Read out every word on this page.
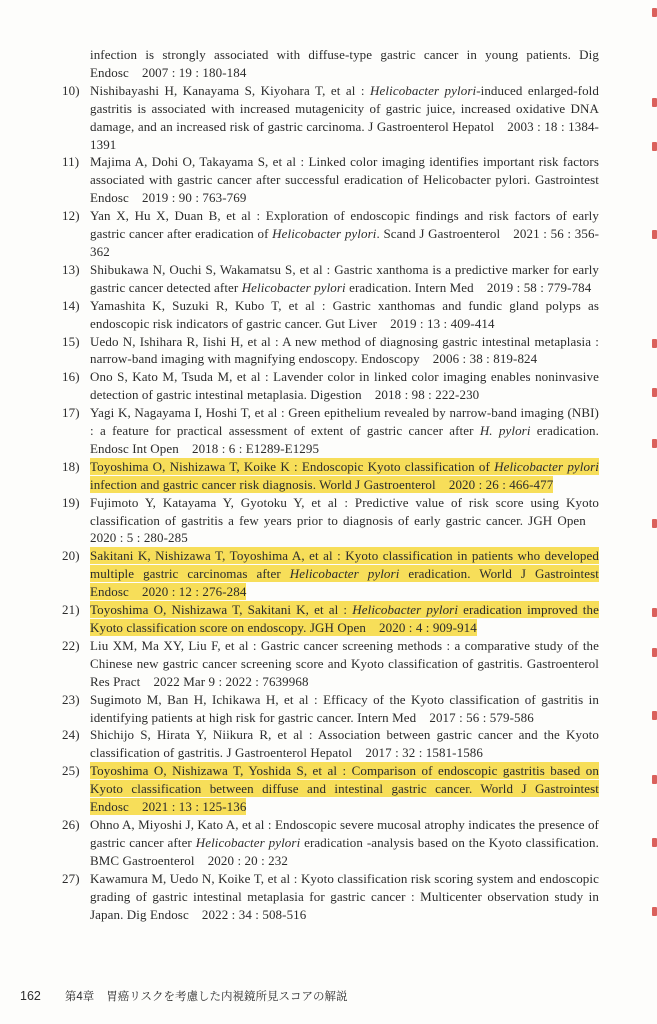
infection is strongly associated with diffuse-type gastric cancer in young patients. Dig Endosc 2007 : 19 : 180-184
10) Nishibayashi H, Kanayama S, Kiyohara T, et al : Helicobacter pylori-induced enlarged-fold gastritis is associated with increased mutagenicity of gastric juice, increased oxidative DNA damage, and an increased risk of gastric carcinoma. J Gastroenterol Hepatol 2003 : 18 : 1384-1391
11) Majima A, Dohi O, Takayama S, et al : Linked color imaging identifies important risk factors associated with gastric cancer after successful eradication of Helicobacter pylori. Gastrointest Endosc 2019 : 90 : 763-769
12) Yan X, Hu X, Duan B, et al : Exploration of endoscopic findings and risk factors of early gastric cancer after eradication of Helicobacter pylori. Scand J Gastroenterol 2021 : 56 : 356-362
13) Shibukawa N, Ouchi S, Wakamatsu S, et al : Gastric xanthoma is a predictive marker for early gastric cancer detected after Helicobacter pylori eradication. Intern Med 2019 : 58 : 779-784
14) Yamashita K, Suzuki R, Kubo T, et al : Gastric xanthomas and fundic gland polyps as endoscopic risk indicators of gastric cancer. Gut Liver 2019 : 13 : 409-414
15) Uedo N, Ishihara R, Iishi H, et al : A new method of diagnosing gastric intestinal metaplasia : narrow-band imaging with magnifying endoscopy. Endoscopy 2006 : 38 : 819-824
16) Ono S, Kato M, Tsuda M, et al : Lavender color in linked color imaging enables noninvasive detection of gastric intestinal metaplasia. Digestion 2018 : 98 : 222-230
17) Yagi K, Nagayama I, Hoshi T, et al : Green epithelium revealed by narrow-band imaging (NBI) : a feature for practical assessment of extent of gastric cancer after H. pylori eradication. Endosc Int Open 2018 : 6 : E1289-E1295
18) Toyoshima O, Nishizawa T, Koike K : Endoscopic Kyoto classification of Helicobacter pylori infection and gastric cancer risk diagnosis. World J Gastroenterol 2020 : 26 : 466-477
19) Fujimoto Y, Katayama Y, Gyotoku Y, et al : Predictive value of risk score using Kyoto classification of gastritis a few years prior to diagnosis of early gastric cancer. JGH Open 2020 : 5 : 280-285
20) Sakitani K, Nishizawa T, Toyoshima A, et al : Kyoto classification in patients who developed multiple gastric carcinomas after Helicobacter pylori eradication. World J Gastrointest Endosc 2020 : 12 : 276-284
21) Toyoshima O, Nishizawa T, Sakitani K, et al : Helicobacter pylori eradication improved the Kyoto classification score on endoscopy. JGH Open 2020 : 4 : 909-914
22) Liu XM, Ma XY, Liu F, et al : Gastric cancer screening methods : a comparative study of the Chinese new gastric cancer screening score and Kyoto classification of gastritis. Gastroenterol Res Pract 2022 Mar 9 : 2022 : 7639968
23) Sugimoto M, Ban H, Ichikawa H, et al : Efficacy of the Kyoto classification of gastritis in identifying patients at high risk for gastric cancer. Intern Med 2017 : 56 : 579-586
24) Shichijo S, Hirata Y, Niikura R, et al : Association between gastric cancer and the Kyoto classification of gastritis. J Gastroenterol Hepatol 2017 : 32 : 1581-1586
25) Toyoshima O, Nishizawa T, Yoshida S, et al : Comparison of endoscopic gastritis based on Kyoto classification between diffuse and intestinal gastric cancer. World J Gastrointest Endosc 2021 : 13 : 125-136
26) Ohno A, Miyoshi J, Kato A, et al : Endoscopic severe mucosal atrophy indicates the presence of gastric cancer after Helicobacter pylori eradication -analysis based on the Kyoto classification. BMC Gastroenterol 2020 : 20 : 232
27) Kawamura M, Uedo N, Koike T, et al : Kyoto classification risk scoring system and endoscopic grading of gastric intestinal metaplasia for gastric cancer : Multicenter observation study in Japan. Dig Endosc 2022 : 34 : 508-516
162 第4章 胃癌リスクを考慮した内視鏡所見スコアの解説
